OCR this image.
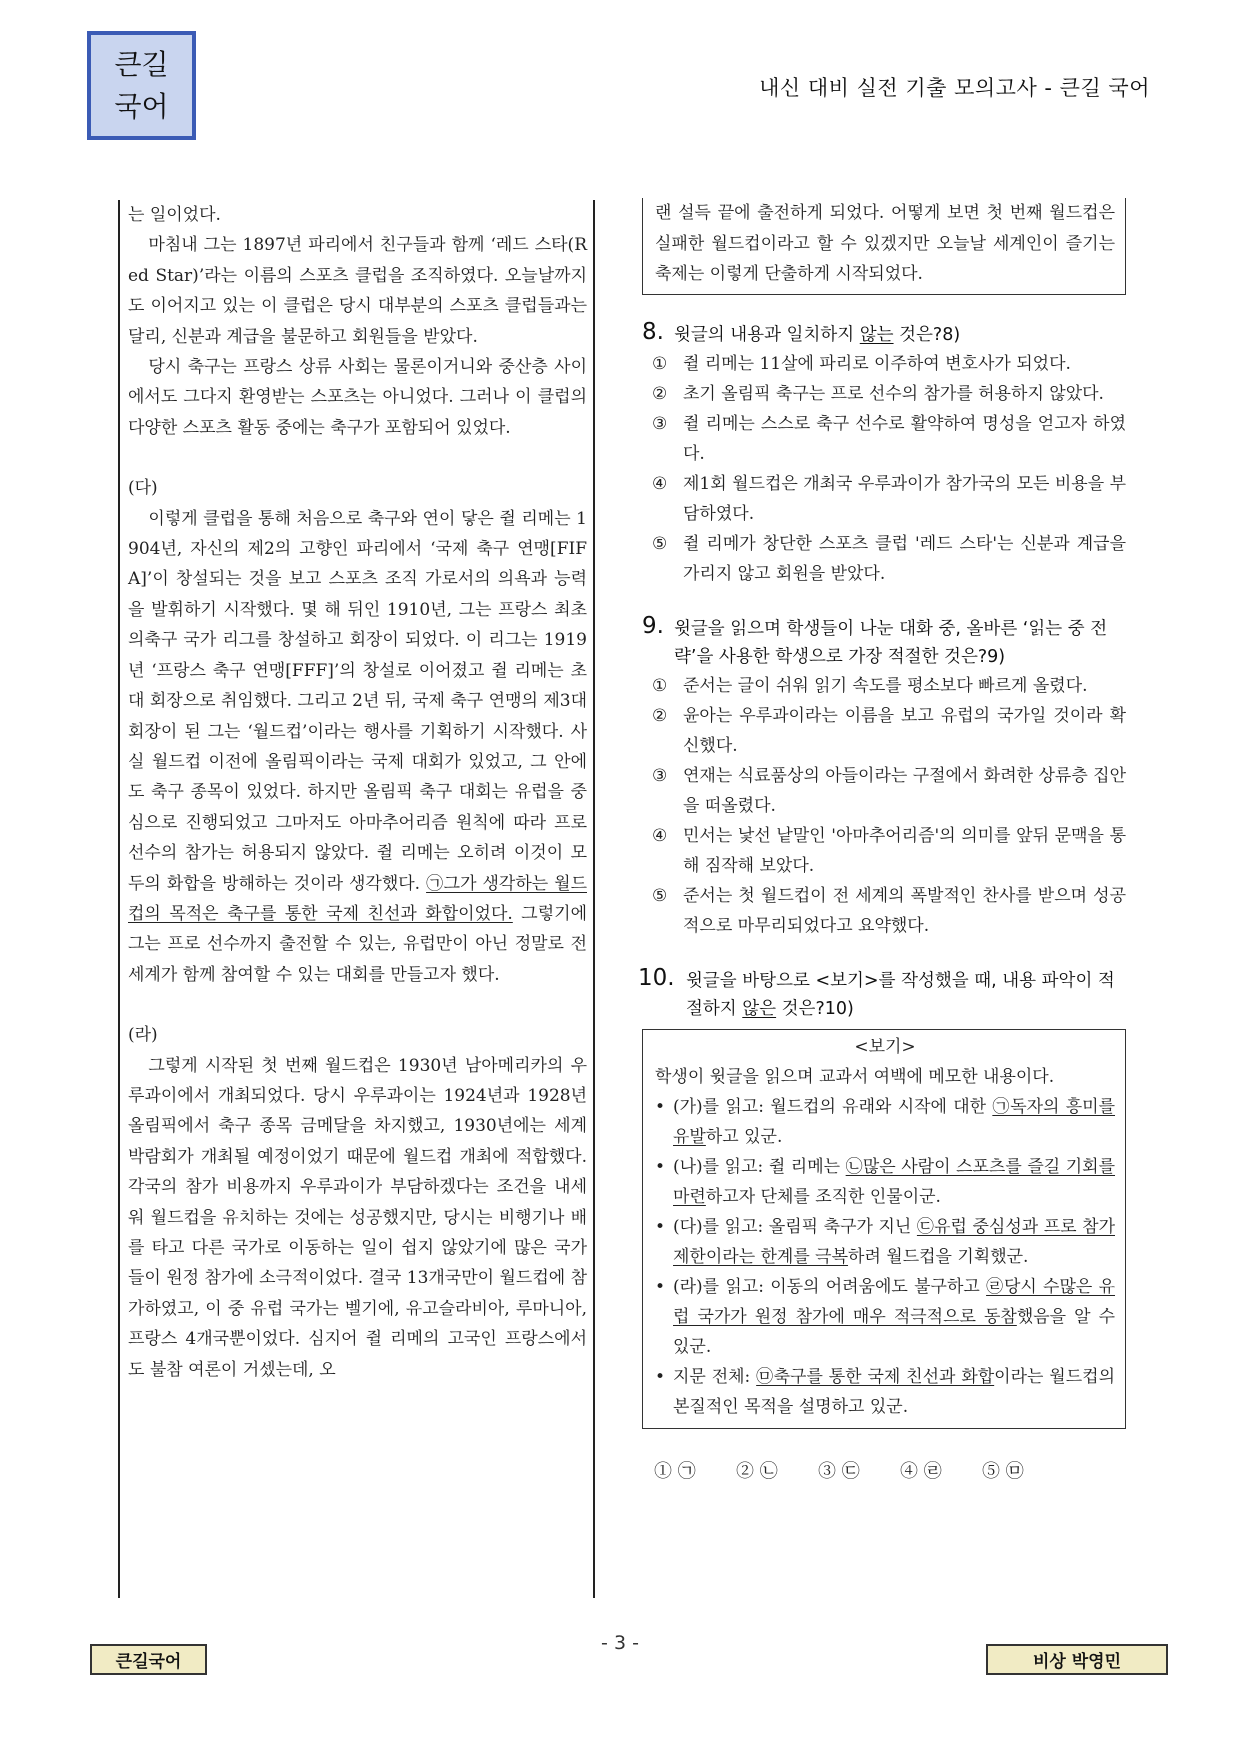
큰길
국어
내신 대비 실전 기출 모의고사 - 큰길 국어

는 일이었다.

마침내 그는 1897년 파리에서 친구들과 함께 ‘레드 스타(Red Star)’라는 이름의 스포츠 클럽을 조직하였다. 오늘날까지도 이어지고 있는 이 클럽은 당시 대부분의 스포츠 클럽들과는 달리, 신분과 계급을 불문하고 회원들을 받았다.

당시 축구는 프랑스 상류 사회는 물론이거니와 중산층 사이에서도 그다지 환영받는 스포츠는 아니었다. 그러나 이 클럽의 다양한 스포츠 활동 중에는 축구가 포함되어 있었다.

(다)

이렇게 클럽을 통해 처음으로 축구와 연이 닿은 쥘 리메는 1904년, 자신의 제2의 고향인 파리에서 ‘국제 축구 연맹[FIFA]’이 창설되는 것을 보고 스포츠 조직 가로서의 의욕과 능력을 발휘하기 시작했다. 몇 해 뒤인 1910년, 그는 프랑스 최초의축구 국가 리그를 창설하고 회장이 되었다. 이 리그는 1919년 ‘프랑스 축구 연맹[FFF]’의 창설로 이어졌고 쥘 리메는 초대 회장으로 취임했다. 그리고 2년 뒤, 국제 축구 연맹의 제3대 회장이 된 그는 ‘월드컵’이라는 행사를 기획하기 시작했다. 사실 월드컵 이전에 올림픽이라는 국제 대회가 있었고, 그 안에도 축구 종목이 있었다. 하지만 올림픽 축구 대회는 유럽을 중심으로 진행되었고 그마저도 아마추어리즘 원칙에 따라 프로 선수의 참가는 허용되지 않았다. 쥘 리메는 오히려 이것이 모두의 화합을 방해하는 것이라 생각했다. ㉠그가 생각하는 월드컵의 목적은 축구를 통한 국제 친선과 화합이었다. 그렇기에 그는 프로 선수까지 출전할 수 있는, 유럽만이 아닌 정말로 전 세계가 함께 참여할 수 있는 대회를 만들고자 했다.

(라)

그렇게 시작된 첫 번째 월드컵은 1930년 남아메리카의 우루과이에서 개최되었다. 당시 우루과이는 1924년과 1928년 올림픽에서 축구 종목 금메달을 차지했고, 1930년에는 세계 박람회가 개최될 예정이었기 때문에 월드컵 개최에 적합했다. 각국의 참가 비용까지 우루과이가 부담하겠다는 조건을 내세워 월드컵을 유치하는 것에는 성공했지만, 당시는 비행기나 배를 타고 다른 국가로 이동하는 일이 쉽지 않았기에 많은 국가들이 원정 참가에 소극적이었다. 결국 13개국만이 월드컵에 참가하였고, 이 중 유럽 국가는 벨기에, 유고슬라비아, 루마니아, 프랑스 4개국뿐이었다. 심지어 쥘 리메의 고국인 프랑스에서도 불참 여론이 거셌는데, 오

랜 설득 끝에 출전하게 되었다. 어떻게 보면 첫 번째 월드컵은 실패한 월드컵이라고 할 수 있겠지만 오늘날 세계인이 즐기는 축제는 이렇게 단출하게 시작되었다.
8. 윗글의 내용과 일치하지 않는 것은?8)
① 쥘 리메는 11살에 파리로 이주하여 변호사가 되었다.
② 초기 올림픽 축구는 프로 선수의 참가를 허용하지 않았다.
③ 쥘 리메는 스스로 축구 선수로 활약하여 명성을 얻고자 하였다.
④ 제1회 월드컵은 개최국 우루과이가 참가국의 모든 비용을 부담하였다.
⑤ 쥘 리메가 창단한 스포츠 클럽 '레드 스타'는 신분과 계급을 가리지 않고 회원을 받았다.
9. 윗글을 읽으며 학생들이 나눈 대화 중, 올바른 ‘읽는 중 전략’을 사용한 학생으로 가장 적절한 것은?9)
① 준서는 글이 쉬워 읽기 속도를 평소보다 빠르게 올렸다.
② 윤아는 우루과이라는 이름을 보고 유럽의 국가일 것이라 확신했다.
③ 연재는 식료품상의 아들이라는 구절에서 화려한 상류층 집안을 떠올렸다.
④ 민서는 낯선 낱말인 '아마추어리즘'의 의미를 앞뒤 문맥을 통해 짐작해 보았다.
⑤ 준서는 첫 월드컵이 전 세계의 폭발적인 찬사를 받으며 성공적으로 마무리되었다고 요약했다.
10. 윗글을 바탕으로 <보기>를 작성했을 때, 내용 파악이 적절하지 않은 것은?10)
<보기>
학생이 윗글을 읽으며 교과서 여백에 메모한 내용이다.
• (가)를 읽고: 월드컵의 유래와 시작에 대한 ㉠독자의 흥미를 유발하고 있군.
• (나)를 읽고: 쥘 리메는 ㉡많은 사람이 스포츠를 즐길 기회를 마련하고자 단체를 조직한 인물이군.
• (다)를 읽고: 올림픽 축구가 지닌 ㉢유럽 중심성과 프로 참가 제한이라는 한계를 극복하려 월드컵을 기획했군.
• (라)를 읽고: 이동의 어려움에도 불구하고 ㉣당시 수많은 유럽 국가가 원정 참가에 매우 적극적으로 동참했음을 알 수 있군.
• 지문 전체: ㉤축구를 통한 국제 친선과 화합이라는 월드컵의 본질적인 목적을 설명하고 있군.
① ㉠	② ㉡	③ ㉢	④ ㉣	⑤ ㉤
- 3 -
큰길국어	비상 박영민
